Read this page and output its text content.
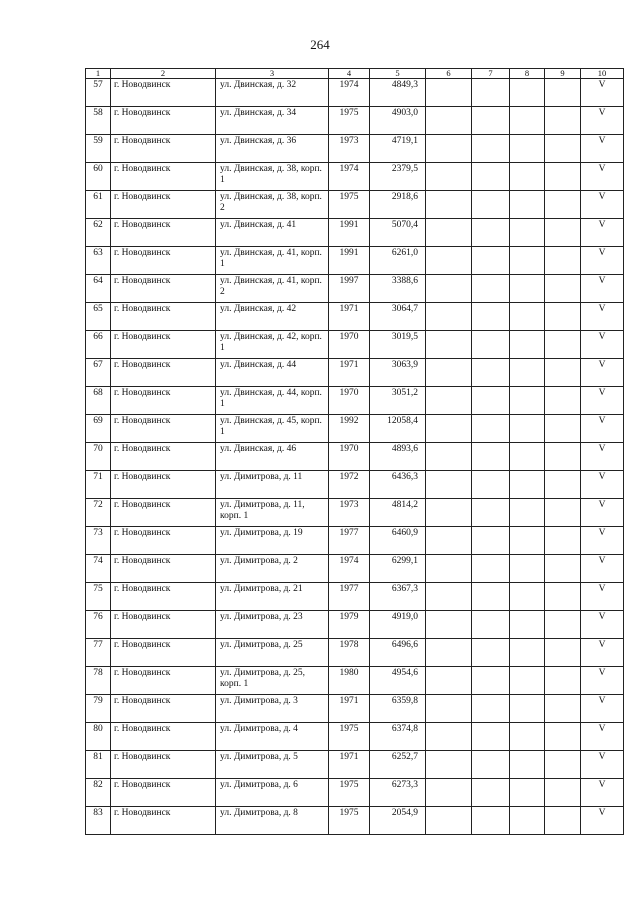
264
1	2	3	4	5	6	7	8	9	10
57	г. Новодвинск	ул. Двинская, д. 32	1974	4849,3					V
58	г. Новодвинск	ул. Двинская, д. 34	1975	4903,0					V
59	г. Новодвинск	ул. Двинская, д. 36	1973	4719,1					V
60	г. Новодвинск	ул. Двинская, д. 38, корп. 1	1974	2379,5					V
61	г. Новодвинск	ул. Двинская, д. 38, корп. 2	1975	2918,6					V
62	г. Новодвинск	ул. Двинская, д. 41	1991	5070,4					V
63	г. Новодвинск	ул. Двинская, д. 41, корп. 1	1991	6261,0					V
64	г. Новодвинск	ул. Двинская, д. 41, корп. 2	1997	3388,6					V
65	г. Новодвинск	ул. Двинская, д. 42	1971	3064,7					V
66	г. Новодвинск	ул. Двинская, д. 42, корп. 1	1970	3019,5					V
67	г. Новодвинск	ул. Двинская, д. 44	1971	3063,9					V
68	г. Новодвинск	ул. Двинская, д. 44, корп. 1	1970	3051,2					V
69	г. Новодвинск	ул. Двинская, д. 45, корп. 1	1992	12058,4					V
70	г. Новодвинск	ул. Двинская, д. 46	1970	4893,6					V
71	г. Новодвинск	ул. Димитрова, д. 11	1972	6436,3					V
72	г. Новодвинск	ул. Димитрова, д. 11, корп. 1	1973	4814,2					V
73	г. Новодвинск	ул. Димитрова, д. 19	1977	6460,9					V
74	г. Новодвинск	ул. Димитрова, д. 2	1974	6299,1					V
75	г. Новодвинск	ул. Димитрова, д. 21	1977	6367,3					V
76	г. Новодвинск	ул. Димитрова, д. 23	1979	4919,0					V
77	г. Новодвинск	ул. Димитрова, д. 25	1978	6496,6					V
78	г. Новодвинск	ул. Димитрова, д. 25, корп. 1	1980	4954,6					V
79	г. Новодвинск	ул. Димитрова, д. 3	1971	6359,8					V
80	г. Новодвинск	ул. Димитрова, д. 4	1975	6374,8					V
81	г. Новодвинск	ул. Димитрова, д. 5	1971	6252,7					V
82	г. Новодвинск	ул. Димитрова, д. 6	1975	6273,3					V
83	г. Новодвинск	ул. Димитрова, д. 8	1975	2054,9					V
